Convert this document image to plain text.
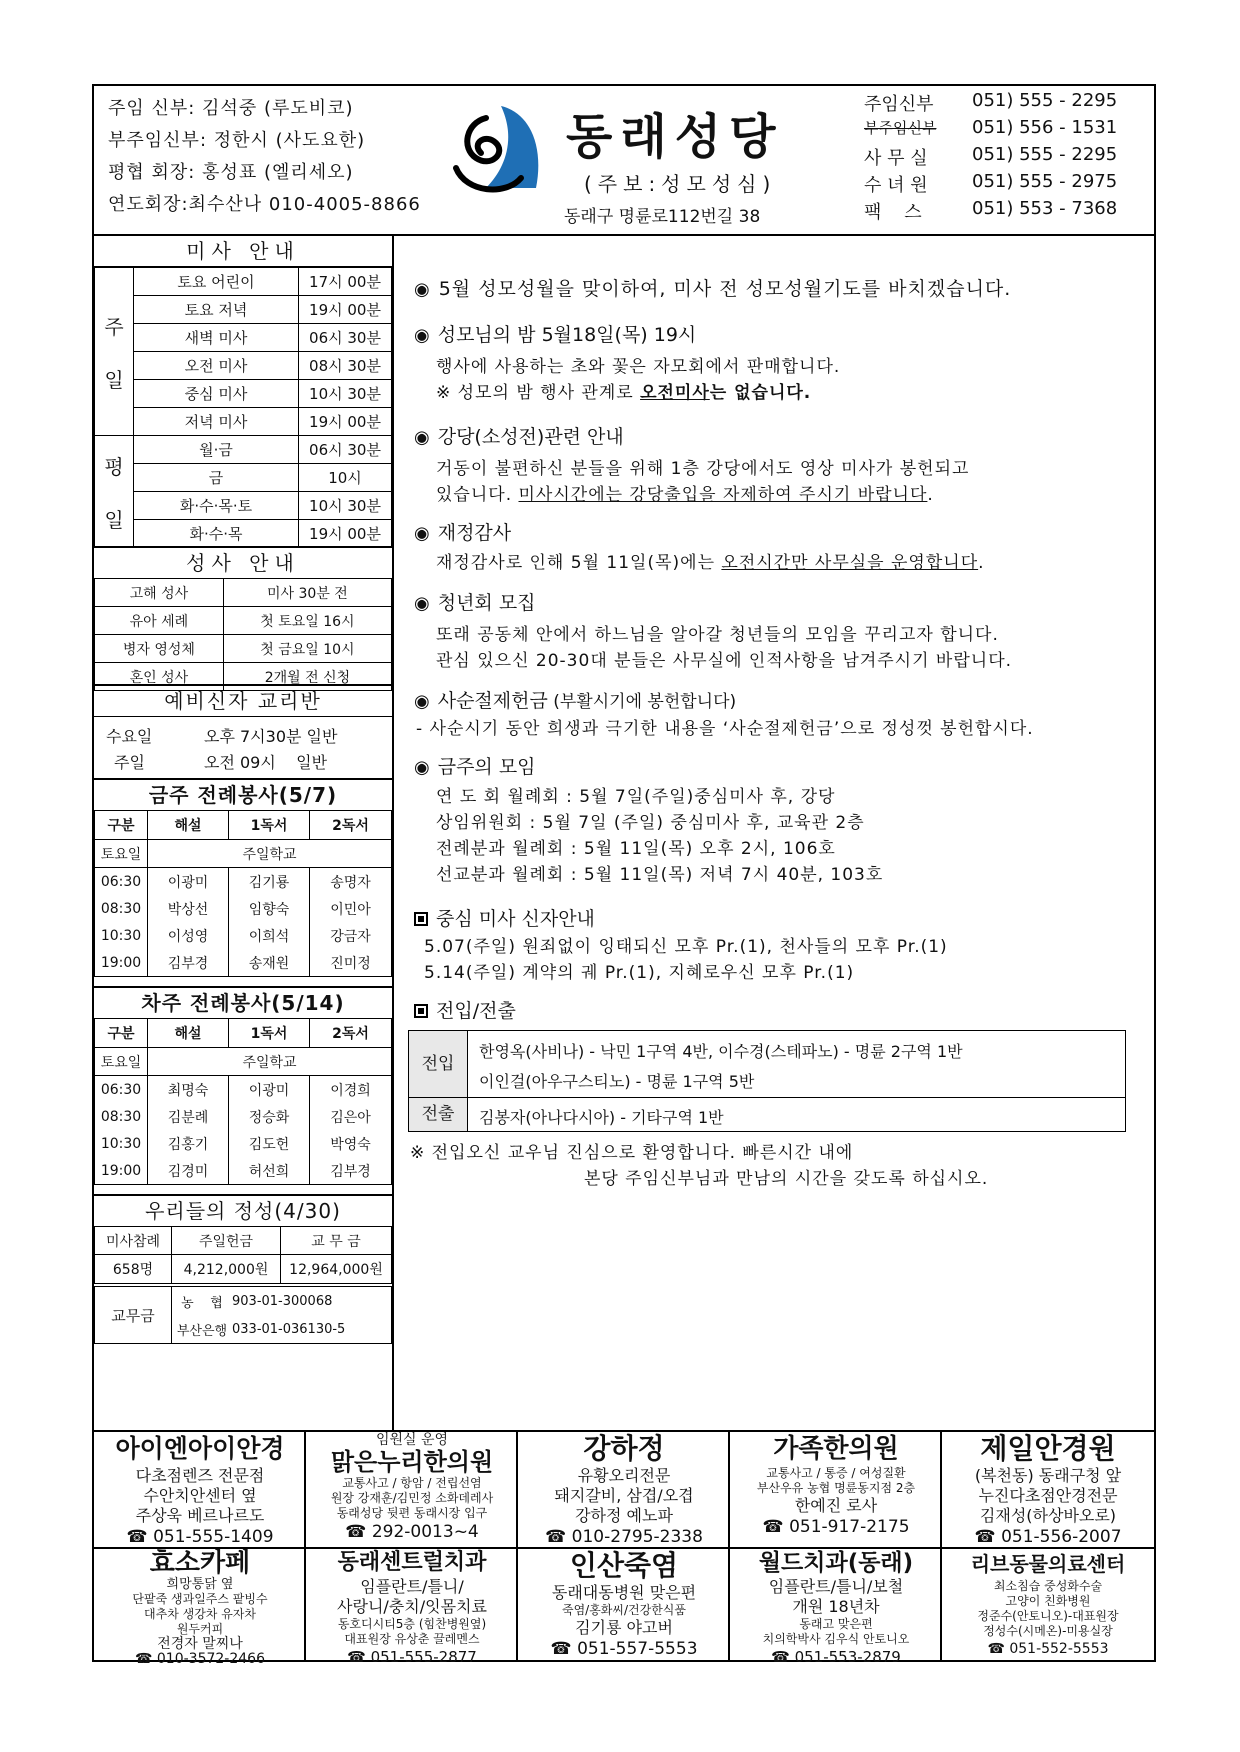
주임 신부: 김석중 (루도비코)
부주임신부: 정한시 (사도요한)
평협 회장: 홍성표 (엘리세오)
연도회장:최수산나 010-4005-8866
동래성당
(주보:성모성심)
동래구 명륜로112번길 38
주임신부 051) 555 - 2295
부주임신부 051) 556 - 1531
사 무 실 051) 555 - 2295
수 녀 원 051) 555 - 2975
팩    스	051) 553 - 7368
미사 안내
주

일	토요 어린이	17시 00분
	토요 저녁	19시 00분
	새벽 미사	06시 30분
	오전 미사	08시 30분
	중심 미사	10시 30분
	저녁 미사	19시 00분
평

일	월·금	06시 30분
	금	10시
	화·수·목·토	10시 30분
	화·수·목	19시 00분
성사 안내
고해 성사	미사 30분 전
유아 세례	첫 토요일 16시
병자 영성체	첫 금요일 10시
혼인 성사	2개월 전 신청
예비신자 교리반
수요일	오후 7시30분 일반
주일	오전 09시    일반
금주 전례봉사(5/7)
구분	해설	1독서	2독서
토요일	주일학교		
06:30	이광미	김기룡	송명자
08:30	박상선	임향숙	이민아
10:30	이성영	이희석	강금자
19:00	김부경	송재원	진미정
차주 전례봉사(5/14)
구분	해설	1독서	2독서
토요일	주일학교		
06:30	최명숙	이광미	이경희
08:30	김분례	정승화	김은아
10:30	김홍기	김도헌	박영숙
19:00	김경미	허선희	김부경
우리들의 정성(4/30)
미사참례	주일헌금	교 무 금
658명	4,212,000원	12,964,000원
교무금	농    협	903-01-300068
	부산은행	033-01-036130-5
◉ 5월 성모성월을 맞이하여, 미사 전 성모성월기도를 바치겠습니다.
◉ 성모님의 밤 5월18일(목) 19시
행사에 사용하는 초와 꽃은 자모회에서 판매합니다.
※ 성모의 밤 행사 관계로 오전미사는 없습니다.
◉ 강당(소성전)관련 안내
거동이 불편하신 분들을 위해 1층 강당에서도 영상 미사가 봉헌되고
있습니다. 미사시간에는 강당출입을 자제하여 주시기 바랍니다.
◉ 재정감사
재정감사로 인해 5월 11일(목)에는 오전시간만 사무실을 운영합니다.
◉ 청년회 모집
또래 공동체 안에서 하느님을 알아갈 청년들의 모임을 꾸리고자 합니다.
관심 있으신 20-30대 분들은 사무실에 인적사항을 남겨주시기 바랍니다.
◉ 사순절제헌금 (부활시기에 봉헌합니다)
- 사순시기 동안 희생과 극기한 내용을 ‘사순절제헌금’으로 정성껏 봉헌합시다.
◉ 금주의 모임
연 도 회 월례회 : 5월 7일(주일)중심미사 후, 강당
상임위원회 : 5월 7일 (주일) 중심미사 후, 교육관 2층
전례분과 월례회 : 5월 11일(목) 오후 2시, 106호
선교분과 월례회 : 5월 11일(목) 저녁 7시 40분, 103호
중심 미사 신자안내
5.07(주일) 원죄없이 잉태되신 모후 Pr.(1), 천사들의 모후 Pr.(1)
5.14(주일) 계약의 궤 Pr.(1), 지혜로우신 모후 Pr.(1)
전입/전출
전입
한영옥(사비나) - 낙민 1구역 4반, 이수경(스테파노) - 명륜 2구역 1반
이인걸(아우구스티노) - 명륜 1구역 5반
전출	김봉자(아나다시아) - 기타구역 1반
※ 전입오신 교우님 진심으로 환영합니다. 빠른시간 내에
본당 주임신부님과 만남의 시간을 갖도록 하십시오.
아이엔아이안경
다초점렌즈 전문점
수안치안센터 옆
주상욱 베르나르도
☎ 051-555-1409
임원실 운영
맑은누리한의원
교통사고 / 항암 / 전립선염
원장 강재훈/김민정 소화데레사
동래성당 뒷편 동래시장 입구
☎ 292-0013~4
강하정
유황오리전문
돼지갈비, 삼겹/오겹
강하정 예노파
☎ 010-2795-2338
가족한의원
교통사고 / 통증 / 여성질환
부산우유 농협 명륜동지점 2층
한예진 로사
☎ 051-917-2175
제일안경원
(복천동) 동래구청 앞
누진다초점안경전문
김재성(하상바오로)
☎ 051-556-2007
효소카페
희망통닭 옆
단팥죽 생과일주스 팥빙수
대추차 생강차 유자차
원두커피
전경자 말찌나
☎ 010-3572-2466
동래센트럴치과
임플란트/틀니/
사랑니/충치/잇몸치료
동호디시티5층 (힘찬병원옆)
대표원장 유상춘 끌레멘스
☎ 051-555-2877
인산죽염
동래대동병원 맞은편
죽염/홍화씨/건강한식품
김기룡 야고버
☎ 051-557-5553
월드치과(동래)
임플란트/틀니/보철
개원 18년차
동래고 맞은편
치의학박사 김우식 안토니오
☎ 051-553-2879
리브동물의료센터
최소침습 중성화수술
고양이 친화병원
정준수(안토니오)-대표원장
정성수(시메온)-미용실장
☎ 051-552-5553
